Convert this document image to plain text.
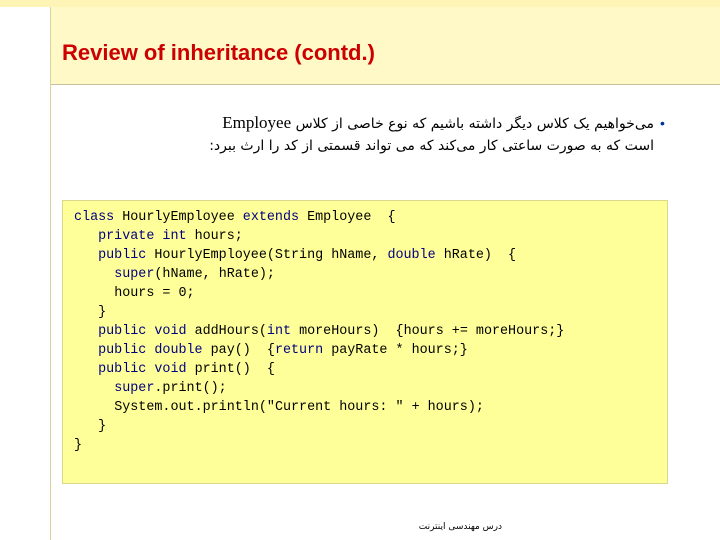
Review of inheritance (contd.)
•
می‌خواهیم یک کلاس دیگر داشته باشیم که نوع خاصی از کلاس Employee
است که به صورت ساعتی کار می‌کند که می تواند قسمتی از کد را ارث ببرد:
class HourlyEmployee extends Employee  {
private int hours;
public HourlyEmployee(String hName, double hRate)  {
super(hName, hRate);
hours = 0;
}
public void addHours(int moreHours)  {hours += moreHours;}
public double pay()  {return payRate * hours;}
public void print()  {
super.print();
System.out.println("Current hours: " + hours);
}
}
درس مهندسی اینترنت
